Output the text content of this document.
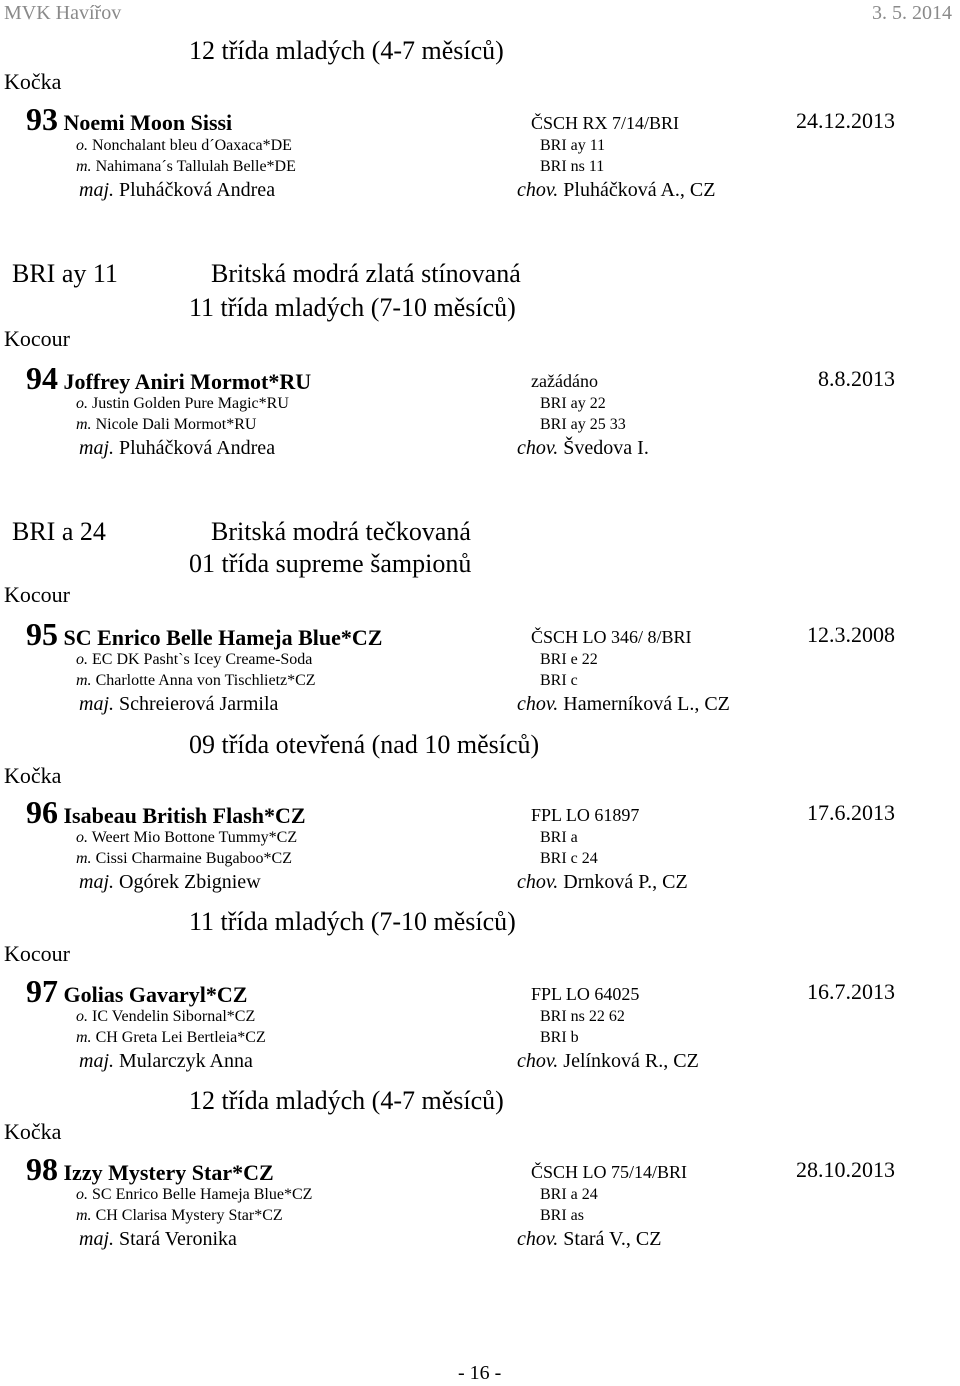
MVK Havířov	3. 5. 2014
12 třída mladých (4-7 měsíců)
Kočka
93 Noemi Moon Sissi	ČSCH RX 7/14/BRI	24.12.2013
o. Nonchalant bleu d´Oaxaca*DE	BRI ay 11
m. Nahimana´s Tallulah Belle*DE	BRI ns 11
maj. Pluháčková Andrea	chov. Pluháčková A., CZ
BRI ay 11	Britská modrá zlatá stínovaná
11 třída mladých (7-10 měsíců)
Kocour
94 Joffrey Aniri Mormot*RU	zažádáno	8.8.2013
o. Justin Golden Pure Magic*RU	BRI ay 22
m. Nicole Dali Mormot*RU	BRI ay 25 33
maj. Pluháčková Andrea	chov. Švedova I.
BRI a 24	Britská modrá tečkovaná
01 třída supreme šampionů
Kocour
95 SC Enrico Belle Hameja Blue*CZ	ČSCH LO 346/ 8/BRI	12.3.2008
o. EC DK Pasht`s Icey Creame-Soda	BRI e 22
m. Charlotte Anna von Tischlietz*CZ	BRI c
maj. Schreierová Jarmila	chov. Hamerníková L., CZ
09 třída otevřená (nad 10 měsíců)
Kočka
96 Isabeau British Flash*CZ	FPL LO 61897	17.6.2013
o. Weert Mio Bottone Tummy*CZ	BRI a
m. Cissi Charmaine Bugaboo*CZ	BRI c 24
maj. Ogórek Zbigniew	chov. Drnková P., CZ
11 třída mladých (7-10 měsíců)
Kocour
97 Golias Gavaryl*CZ	FPL LO 64025	16.7.2013
o. IC Vendelin Sibornal*CZ	BRI ns 22 62
m. CH Greta Lei Bertleia*CZ	BRI b
maj. Mularczyk Anna	chov. Jelínková R., CZ
12 třída mladých (4-7 měsíců)
Kočka
98 Izzy Mystery Star*CZ	ČSCH LO 75/14/BRI	28.10.2013
o. SC Enrico Belle Hameja Blue*CZ	BRI a 24
m. CH Clarisa Mystery Star*CZ	BRI as
maj. Stará Veronika	chov. Stará V., CZ
- 16 -
